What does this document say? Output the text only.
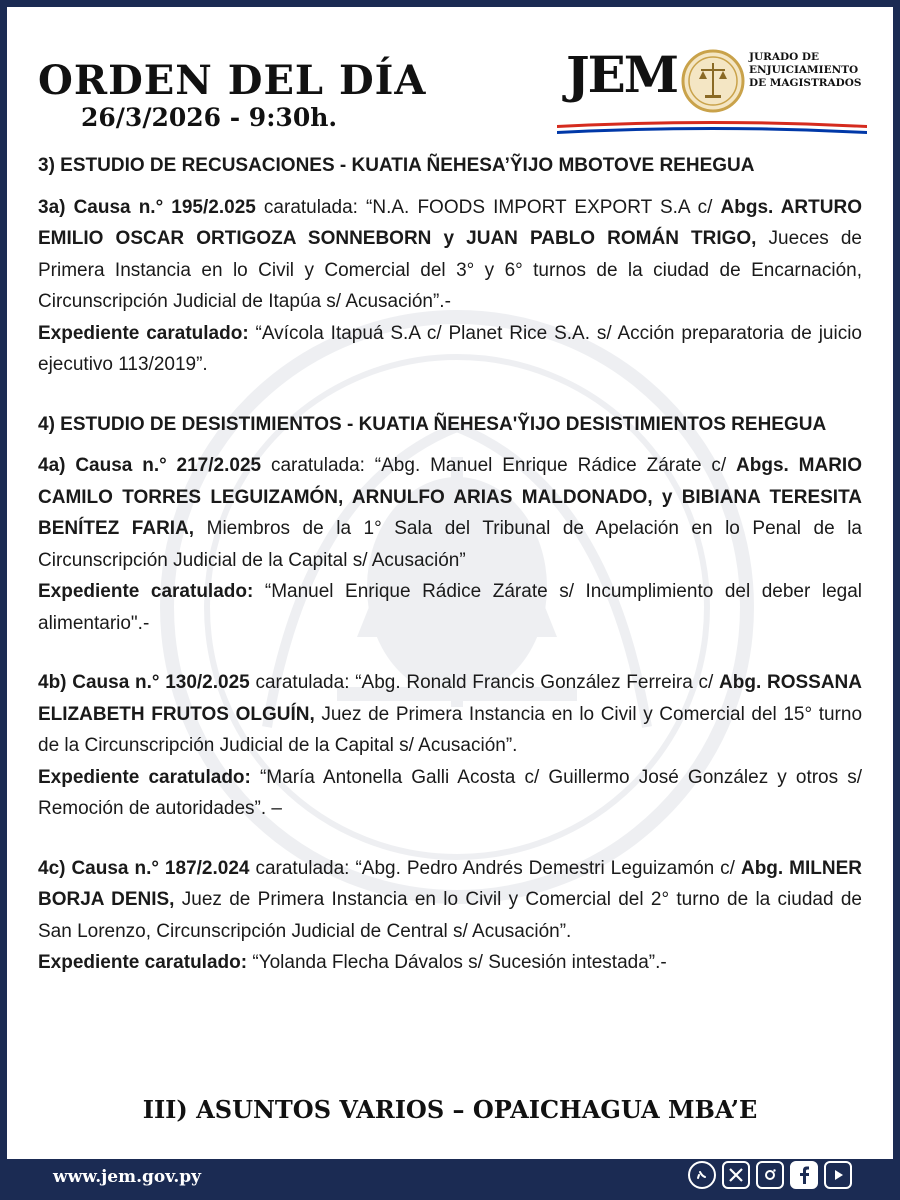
ORDEN DEL DÍA
26/3/2026 - 9:30h.
JEM	JURADO DE
ENJUICIAMIENTO
DE MAGISTRADOS

3) ESTUDIO DE RECUSACIONES - KUATIA ÑEHESA’ỸIJO MBOTOVE REHEGUA

3a) Causa n.° 195/2.025 caratulada: “N.A. FOODS IMPORT EXPORT S.A c/ Abgs. ARTURO EMILIO OSCAR ORTIGOZA SONNEBORN y JUAN PABLO ROMÁN TRIGO, Jueces de Primera Instancia en lo Civil y Comercial del 3° y 6° turnos de la ciudad de Encarnación, Circunscripción Judicial de Itapúa s/ Acusación”.-

Expediente caratulado: “Avícola Itapuá S.A c/ Planet Rice S.A. s/ Acción preparatoria de juicio ejecutivo 113/2019”.

4) ESTUDIO DE DESISTIMIENTOS - KUATIA ÑEHESA'ỸIJO DESISTIMIENTOS REHEGUA

4a) Causa n.° 217/2.025 caratulada: “Abg. Manuel Enrique Rádice Zárate c/ Abgs. MARIO CAMILO TORRES LEGUIZAMÓN, ARNULFO ARIAS MALDONADO, y BIBIANA TERESITA BENÍTEZ FARIA, Miembros de la 1° Sala del Tribunal de Apelación en lo Penal de la Circunscripción Judicial de la Capital s/ Acusación”

Expediente caratulado: “Manuel Enrique Rádice Zárate s/ Incumplimiento del deber legal alimentario".-

4b) Causa n.° 130/2.025 caratulada: “Abg. Ronald Francis González Ferreira c/ Abg. ROSSANA ELIZABETH FRUTOS OLGUÍN, Juez de Primera Instancia en lo Civil y Comercial del 15° turno de la Circunscripción Judicial de la Capital s/ Acusación”.

Expediente caratulado: “María Antonella Galli Acosta c/ Guillermo José González y otros s/ Remoción de autoridades”. –

4c) Causa n.° 187/2.024 caratulada: “Abg. Pedro Andrés Demestri Leguizamón c/ Abg. MILNER BORJA DENIS, Juez de Primera Instancia en lo Civil y Comercial del 2° turno de la ciudad de San Lorenzo, Circunscripción Judicial de Central s/ Acusación”.

Expediente caratulado: “Yolanda Flecha Dávalos s/ Sucesión intestada”.-

III) ASUNTOS VARIOS – OPAICHAGUA MBA’E
www.jem.gov.py
